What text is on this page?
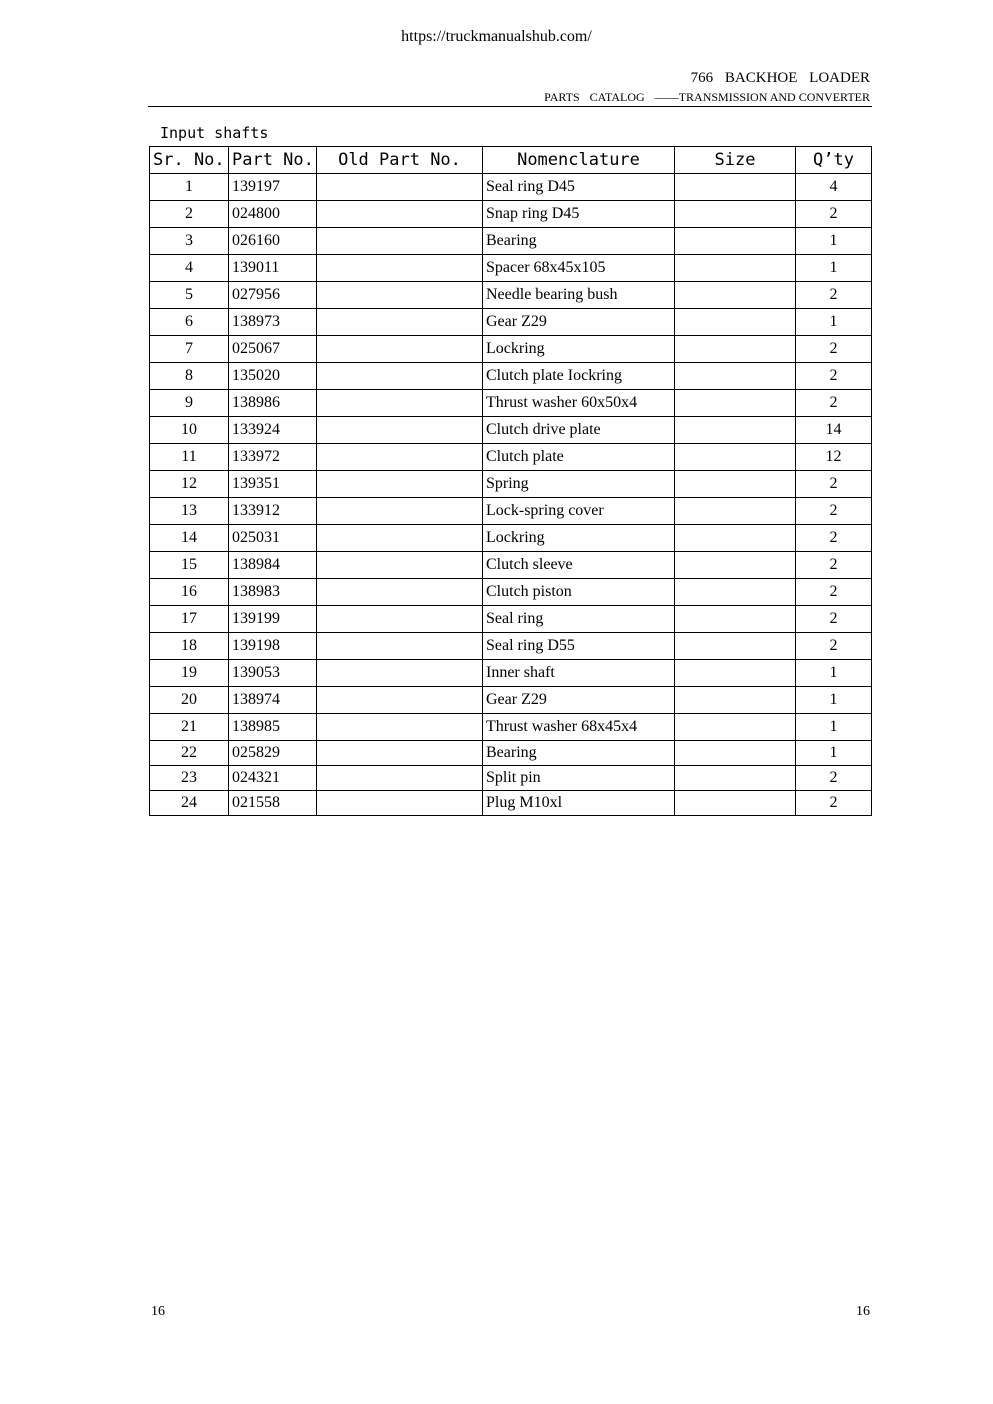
https://truckmanualshub.com/
766 BACKHOE LOADER
PARTS CATALOG ——TRANSMISSION AND CONVERTER
Input shafts
Sr. No.	Part No.	Old Part No.	Nomenclature	Size	Q’ty
1	139197		Seal ring D45		4
2	024800		Snap ring D45		2
3	026160		Bearing		1
4	139011		Spacer 68x45x105		1
5	027956		Needle bearing bush		2
6	138973		Gear Z29		1
7	025067		Lockring		2
8	135020		Clutch plate Iockring		2
9	138986		Thrust washer 60x50x4		2
10	133924		Clutch drive plate		14
11	133972		Clutch plate		12
12	139351		Spring		2
13	133912		Lock-spring cover		2
14	025031		Lockring		2
15	138984		Clutch sleeve		2
16	138983		Clutch piston		2
17	139199		Seal ring		2
18	139198		Seal ring D55		2
19	139053		Inner shaft		1
20	138974		Gear Z29		1
21	138985		Thrust washer 68x45x4		1
22	025829		Bearing		1
23	024321		Split pin		2
24	021558		Plug M10xl		2
16	16
